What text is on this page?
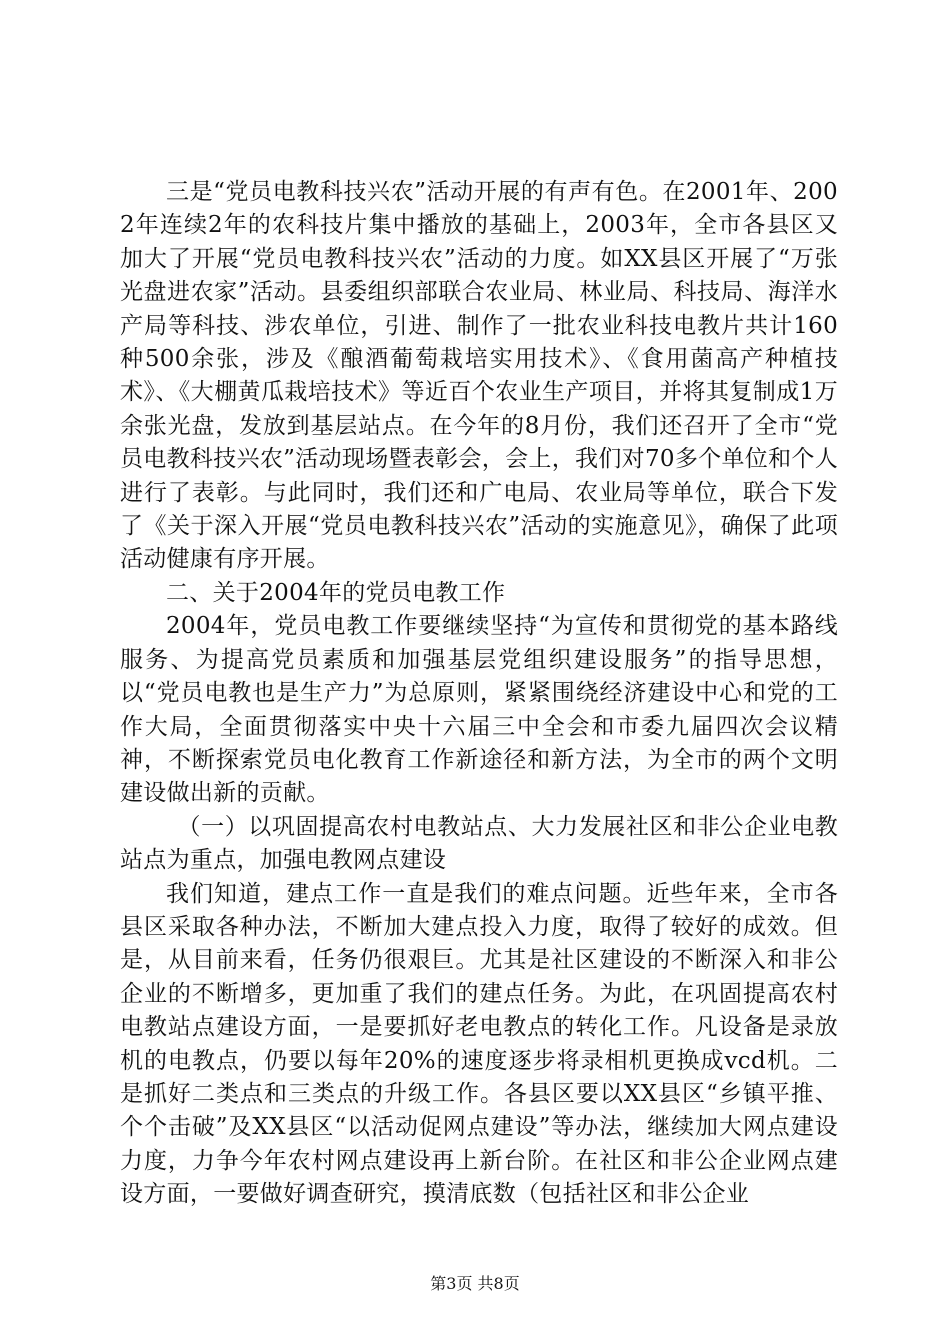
三是“党员电教科技兴农”活动开展的有声有色。在2001年、2002年连续2年的农科技片集中播放的基础上，2003年，全市各县区又加大了开展“党员电教科技兴农”活动的力度。如XX县区开展了“万张光盘进农家”活动。县委组织部联合农业局、林业局、科技局、海洋水产局等科技、涉农单位，引进、制作了一批农业科技电教片共计160种500余张，涉及《酿酒葡萄栽培实用技术》、《食用菌高产种植技术》、《大棚黄瓜栽培技术》等近百个农业生产项目，并将其复制成1万余张光盘，发放到基层站点。在今年的8月份，我们还召开了全市“党员电教科技兴农”活动现场暨表彰会，会上，我们对70多个单位和个人进行了表彰。与此同时，我们还和广电局、农业局等单位，联合下发了《关于深入开展“党员电教科技兴农”活动的实施意见》，确保了此项活动健康有序开展。

二、关于2004年的党员电教工作

2004年，党员电教工作要继续坚持“为宣传和贯彻党的基本路线服务、为提高党员素质和加强基层党组织建设服务”的指导思想，以“党员电教也是生产力”为总原则，紧紧围绕经济建设中心和党的工作大局，全面贯彻落实中央十六届三中全会和市委九届四次会议精神，不断探索党员电化教育工作新途径和新方法，为全市的两个文明建设做出新的贡献。

（一）以巩固提高农村电教站点、大力发展社区和非公企业电教站点为重点，加强电教网点建设

我们知道，建点工作一直是我们的难点问题。近些年来，全市各县区采取各种办法，不断加大建点投入力度，取得了较好的成效。但是，从目前来看，任务仍很艰巨。尤其是社区建设的不断深入和非公企业的不断增多，更加重了我们的建点任务。为此，在巩固提高农村电教站点建设方面，一是要抓好老电教点的转化工作。凡设备是录放机的电教点，仍要以每年20%的速度逐步将录相机更换成vcd机。二是抓好二类点和三类点的升级工作。各县区要以XX县区“乡镇平推、个个击破”及XX县区“以活动促网点建设”等办法，继续加大网点建设力度，力争今年农村网点建设再上新台阶。在社区和非公企业网点建设方面，一要做好调查研究，摸清底数（包括社区和非公企业

第3页 共8页
